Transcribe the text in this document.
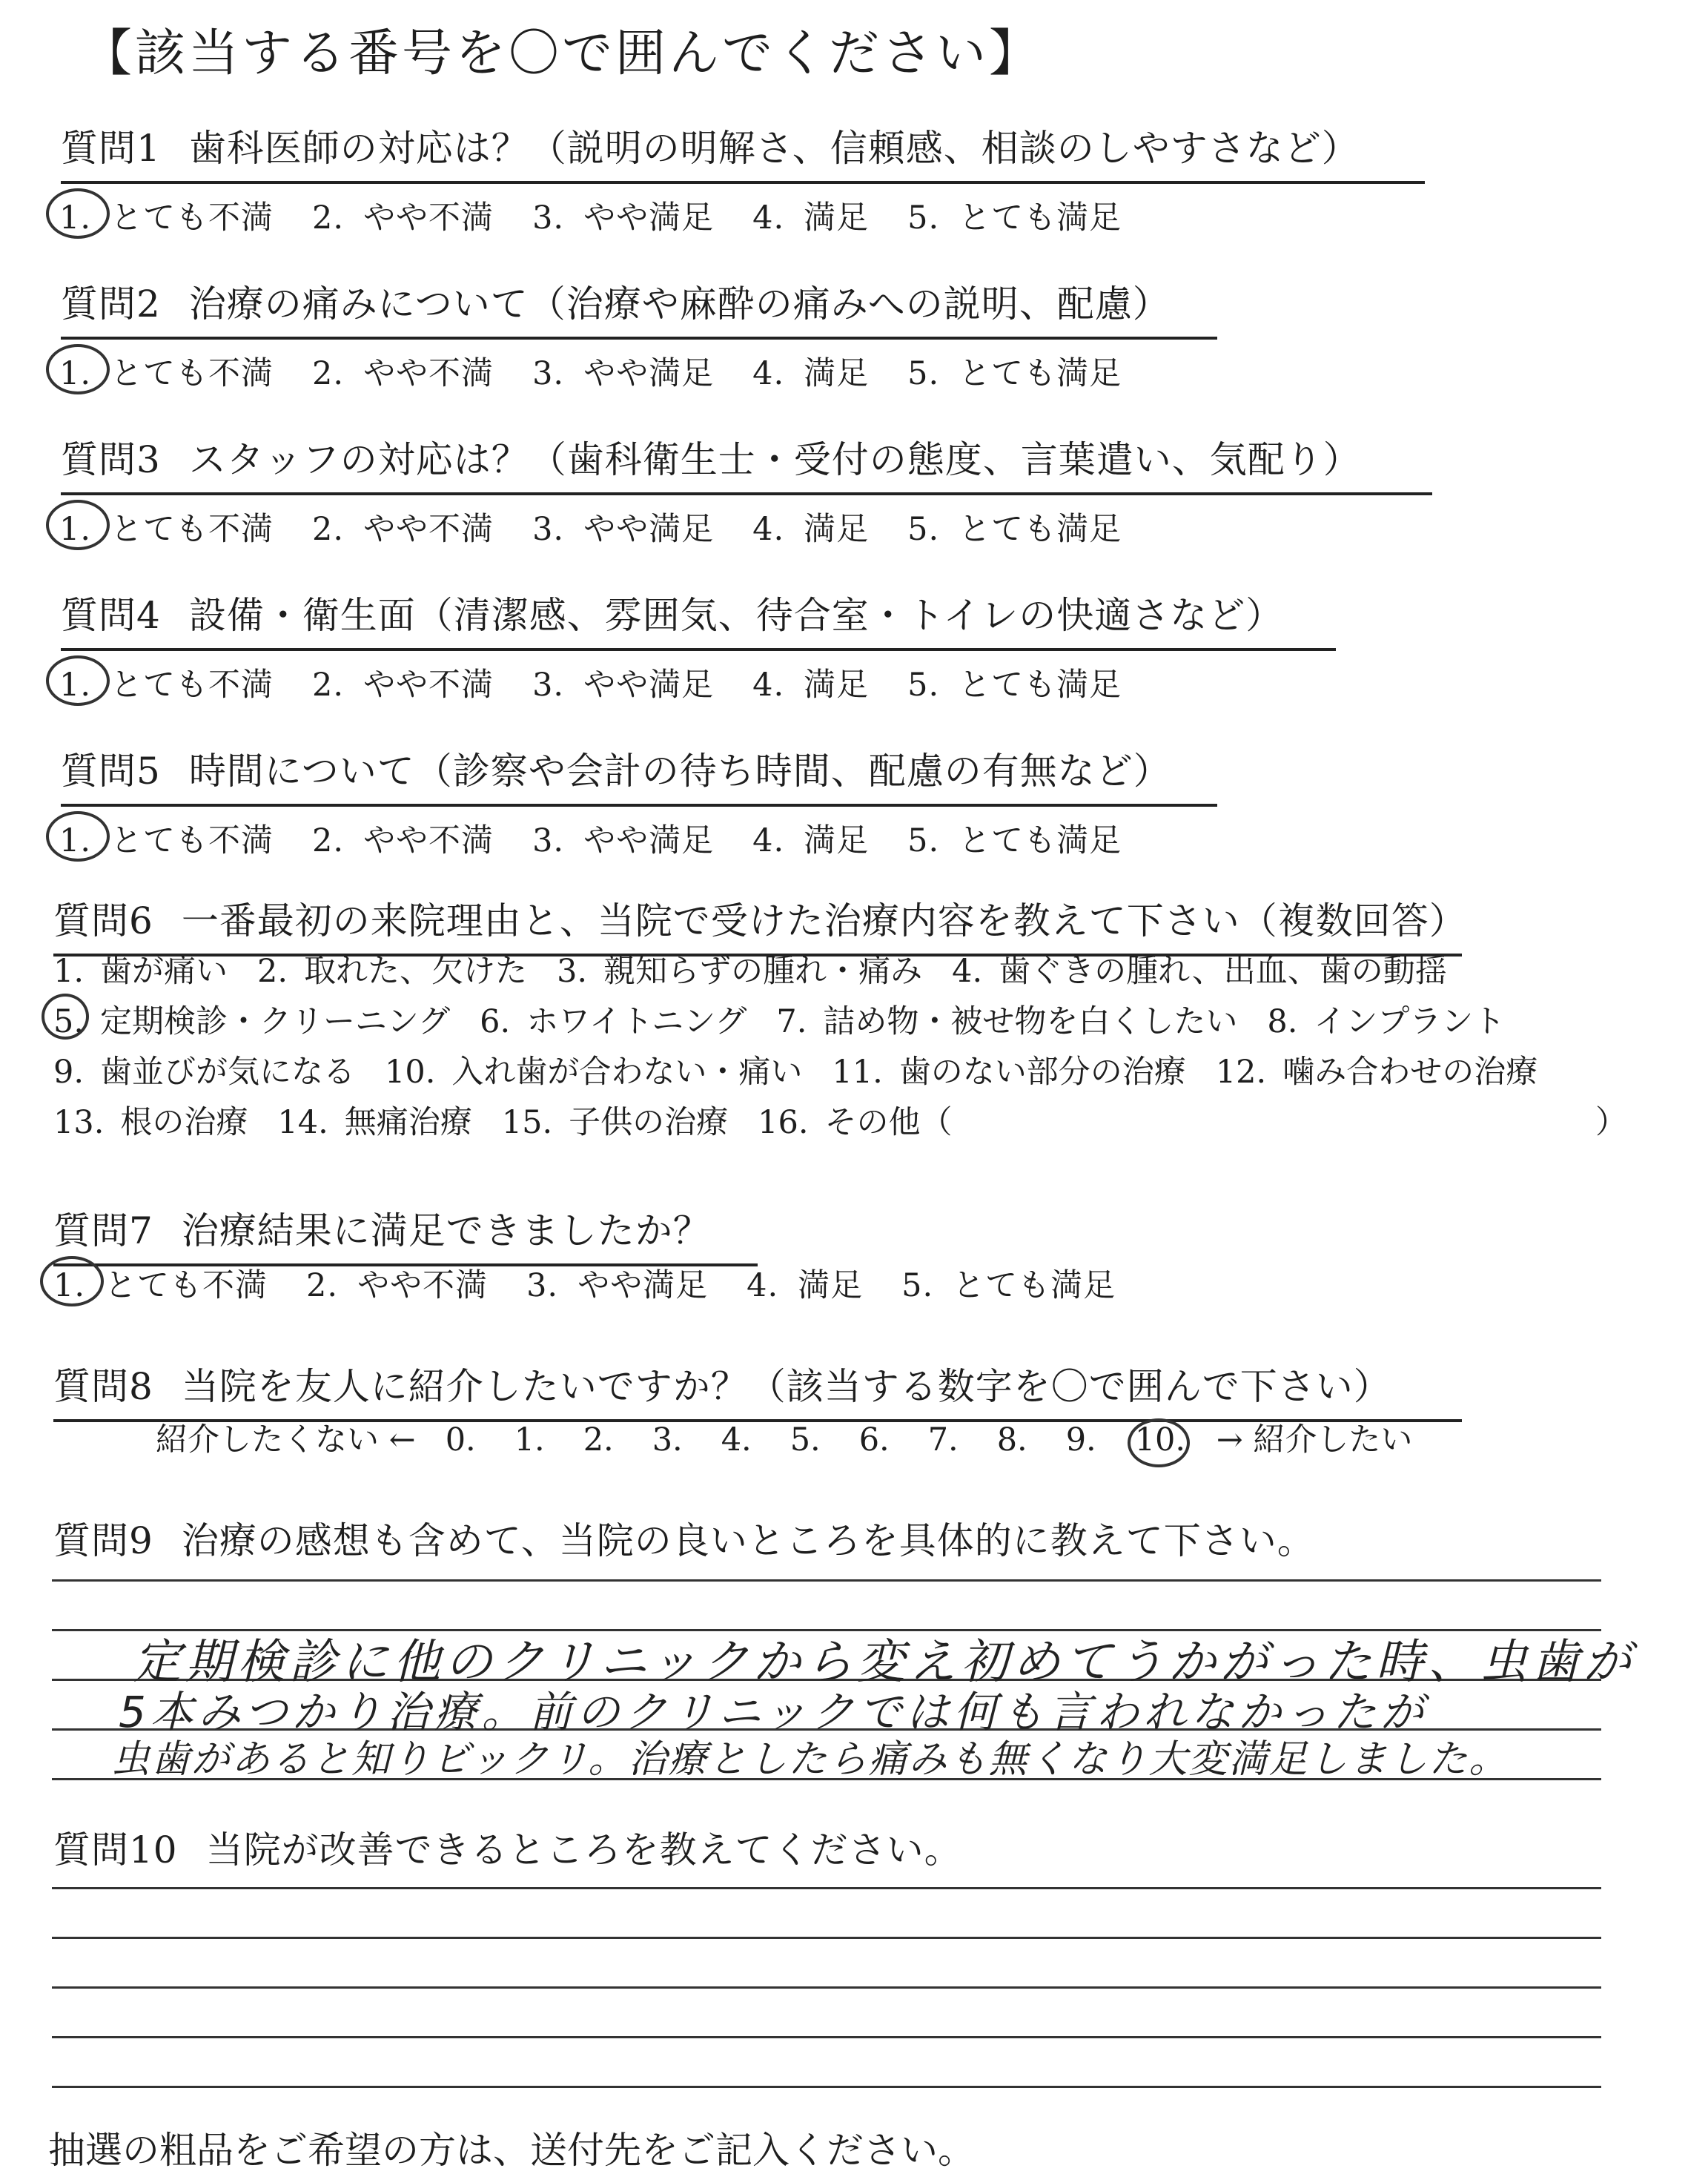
【該当する番号を〇で囲んでください】
質問1 歯科医師の対応は？（説明の明解さ、信頼感、相談のしやすさなど）
1. とても不満 2. やや不満 3. やや満足 4. 満足 5. とても満足
質問2 治療の痛みについて（治療や麻酔の痛みへの説明、配慮）
1. とても不満 2. やや不満 3. やや満足 4. 満足 5. とても満足
質問3 スタッフの対応は？（歯科衛生士・受付の態度、言葉遣い、気配り）
1. とても不満 2. やや不満 3. やや満足 4. 満足 5. とても満足
質問4 設備・衛生面（清潔感、雰囲気、待合室・トイレの快適さなど）
1. とても不満 2. やや不満 3. やや満足 4. 満足 5. とても満足
質問5 時間について（診察や会計の待ち時間、配慮の有無など）
1. とても不満 2. やや不満 3. やや満足 4. 満足 5. とても満足
質問6 一番最初の来院理由と、当院で受けた治療内容を教えて下さい（複数回答）
1. 歯が痛い 2. 取れた、欠けた 3. 親知らずの腫れ・痛み 4. 歯ぐきの腫れ、出血、歯の動揺
5. 定期検診・クリーニング 6. ホワイトニング 7. 詰め物・被せ物を白くしたい 8. インプラント
9. 歯並びが気になる 10. 入れ歯が合わない・痛い 11. 歯のない部分の治療 12. 噛み合わせの治療
13. 根の治療 14. 無痛治療 15. 子供の治療 16. その他（	）
質問7 治療結果に満足できましたか？
1. とても不満 2. やや不満 3. やや満足 4. 満足 5. とても満足
質問8 当院を友人に紹介したいですか？（該当する数字を〇で囲んで下さい）
紹介したくない ← 0. 1. 2. 3. 4. 5. 6. 7. 8. 9. 10. → 紹介したい
質問9 治療の感想も含めて、当院の良いところを具体的に教えて下さい。
定期検診に他のクリニックから変え初めてうかがった時、虫歯が
5本みつかり治療。前のクリニックでは何も言われなかったが
虫歯があると知りビックリ。治療としたら痛みも無くなり大変満足しました。
質問10 当院が改善できるところを教えてください。
抽選の粗品をご希望の方は、送付先をご記入ください。
